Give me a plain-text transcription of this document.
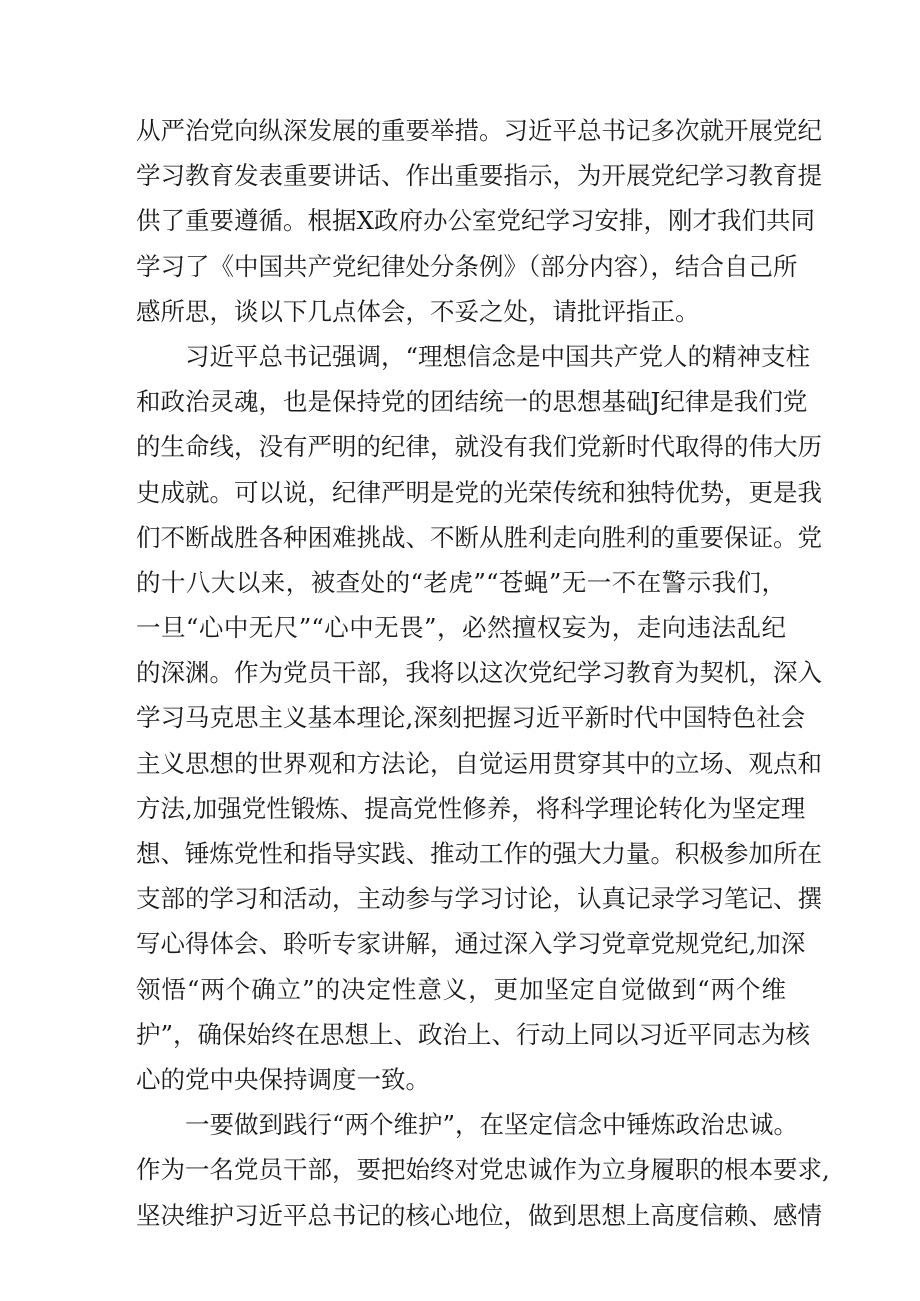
从严治党向纵深发展的重要举措。习近平总书记多次就开展党纪
学习教育发表重要讲话、作出重要指示，为开展党纪学习教育提
供了重要遵循。根据X政府办公室党纪学习安排，刚才我们共同
学习了《中国共产党纪律处分条例》（部分内容），结合自己所
感所思，谈以下几点体会，不妥之处，请批评指正。
习近平总书记强调，“理想信念是中国共产党人的精神支柱
和政治灵魂，也是保持党的团结统一的思想基础J纪律是我们党
的生命线，没有严明的纪律，就没有我们党新时代取得的伟大历
史成就。可以说，纪律严明是党的光荣传统和独特优势，更是我
们不断战胜各种困难挑战、不断从胜利走向胜利的重要保证。党
的十八大以来，被查处的“老虎”“苍蝇”无一不在警示我们，
一旦“心中无尺”“心中无畏”，必然擅权妄为，走向违法乱纪
的深渊。作为党员干部，我将以这次党纪学习教育为契机，深入
学习马克思主义基本理论,深刻把握习近平新时代中国特色社会
主义思想的世界观和方法论，自觉运用贯穿其中的立场、观点和
方法,加强党性锻炼、提高党性修养，将科学理论转化为坚定理
想、锤炼党性和指导实践、推动工作的强大力量。积极参加所在
支部的学习和活动，主动参与学习讨论，认真记录学习笔记、撰
写心得体会、聆听专家讲解，通过深入学习党章党规党纪,加深
领悟“两个确立”的决定性意义，更加坚定自觉做到“两个维
护”，确保始终在思想上、政治上、行动上同以习近平同志为核
心的党中央保持调度一致。
一要做到践行“两个维护”，在坚定信念中锤炼政治忠诚。
作为一名党员干部，要把始终对党忠诚作为立身履职的根本要求,
坚决维护习近平总书记的核心地位，做到思想上高度信赖、感情
